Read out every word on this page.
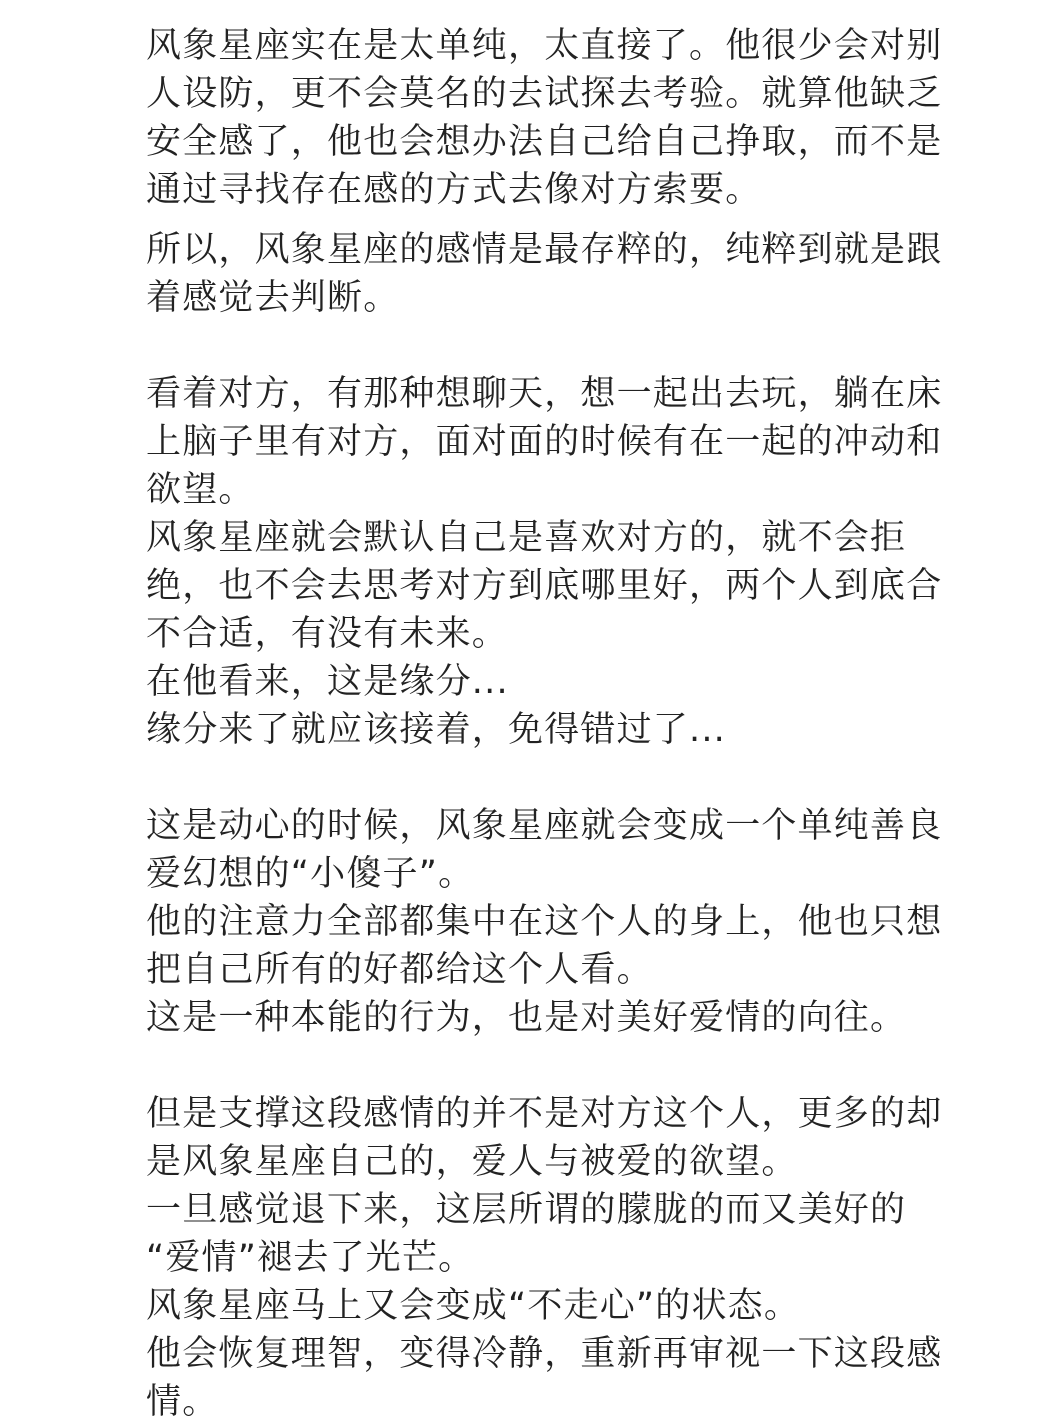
风象星座实在是太单纯，太直接了。他很少会对别
人设防，更不会莫名的去试探去考验。就算他缺乏
安全感了，他也会想办法自己给自己挣取，而不是
通过寻找存在感的方式去像对方索要。
所以，风象星座的感情是最存粹的，纯粹到就是跟
着感觉去判断。
看着对方，有那种想聊天，想一起出去玩，躺在床
上脑子里有对方，面对面的时候有在一起的冲动和
欲望。
风象星座就会默认自己是喜欢对方的，就不会拒
绝，也不会去思考对方到底哪里好，两个人到底合
不合适，有没有未来。
在他看来，这是缘分...
缘分来了就应该接着，免得错过了...
这是动心的时候，风象星座就会变成一个单纯善良
爱幻想的“小傻子”。
他的注意力全部都集中在这个人的身上，他也只想
把自己所有的好都给这个人看。
这是一种本能的行为，也是对美好爱情的向往。
但是支撑这段感情的并不是对方这个人，更多的却
是风象星座自己的，爱人与被爱的欲望。
一旦感觉退下来，这层所谓的朦胧的而又美好的
“爱情”褪去了光芒。
风象星座马上又会变成“不走心”的状态。
他会恢复理智，变得冷静，重新再审视一下这段感
情。
